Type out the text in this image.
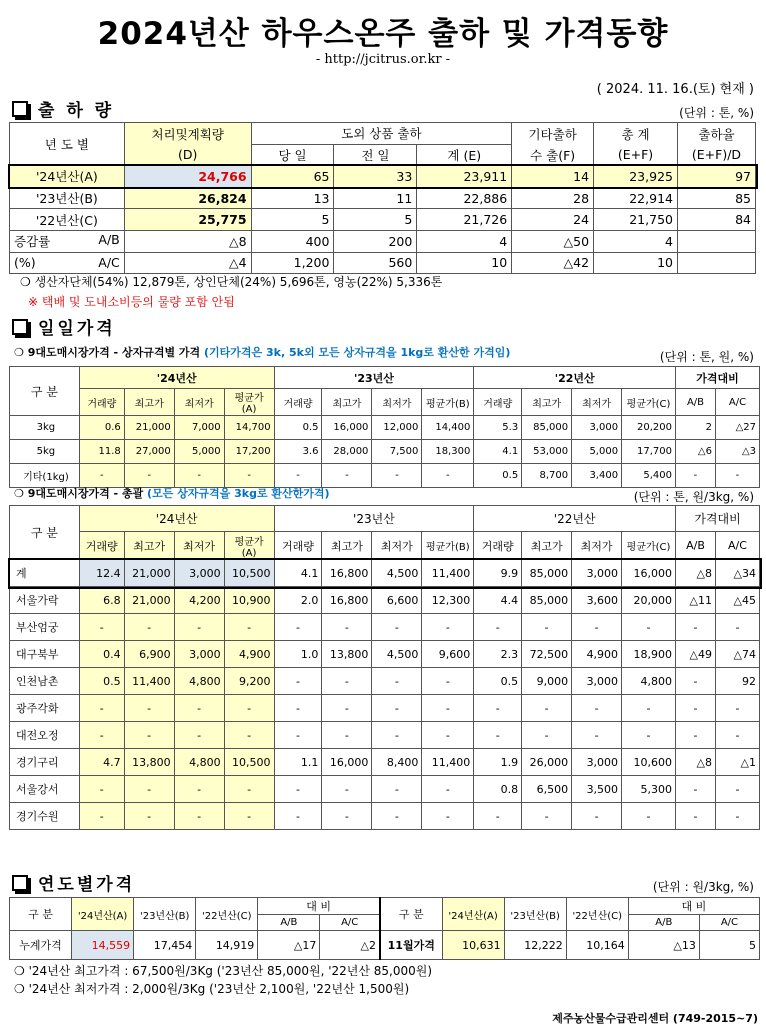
2024년산 하우스온주 출하 및 가격동향
- http://jcitrus.or.kr -
( 2024. 11. 16.(토) 현재 )
출 하 량	(단위 : 톤, %)
년 도 별	처리및계획량	도외 상품 출하			기타출하	총 계	출하율
	(D)	당 일	전 일	계 (E)	수 출(F)	(E+F)	(E+F)/D
'24년산(A)	24,766	65	33	23,911	14	23,925	97
'23년산(B)	26,824	13	11	22,886	28	22,914	85
'22년산(C)	25,775	5	5	21,726	24	21,750	84
증감률 A/B	△8	400	200	4	△50	4	
(%) A/C	△4	1,200	560	10	△42	10	
❍ 생산자단체(54%) 12,879톤, 상인단체(24%) 5,696톤, 영농(22%) 5,336톤
※ 택배 및 도내소비등의 물량 포함 안됨
일일가격
❍ 9대도매시장가격 - 상자규격별 가격 (기타가격은 3k, 5k외 모든 상자규격을 1kg로 환산한 가격임)	(단위 : 톤, 원, %)
구 분	'24년산				'23년산				'22년산				가격대비	
	거래량	최고가	최저가	평균가(A)	거래량	최고가	최저가	평균가(B)	거래량	최고가	최저가	평균가(C)	A/B	A/C
3kg	0.6	21,000	7,000	14,700	0.5	16,000	12,000	14,400	5.3	85,000	3,000	20,200	2	△27
5kg	11.8	27,000	5,000	17,200	3.6	28,000	7,500	18,300	4.1	53,000	5,000	17,700	△6	△3
기타(1kg)	-	-	-	-	-	-	-	-	0.5	8,700	3,400	5,400	-	-
❍ 9대도매시장가격 - 총괄 (모든 상자규격을 3kg로 환산한가격)	(단위 : 톤, 원/3kg, %)
구 분	'24년산				'23년산				'22년산				가격대비	
	거래량	최고가	최저가	평균가(A)	거래량	최고가	최저가	평균가(B)	거래량	최고가	최저가	평균가(C)	A/B	A/C
계	12.4	21,000	3,000	10,500	4.1	16,800	4,500	11,400	9.9	85,000	3,000	16,000	△8	△34
서울가락	6.8	21,000	4,200	10,900	2.0	16,800	6,600	12,300	4.4	85,000	3,600	20,000	△11	△45
부산엄궁	-	-	-	-	-	-	-	-	-	-	-	-	-	-
대구북부	0.4	6,900	3,000	4,900	1.0	13,800	4,500	9,600	2.3	72,500	4,900	18,900	△49	△74
인천남촌	0.5	11,400	4,800	9,200	-	-	-	-	0.5	9,000	3,000	4,800	-	92
광주각화	-	-	-	-	-	-	-	-	-	-	-	-	-	-
대전오정	-	-	-	-	-	-	-	-	-	-	-	-	-	-
경기구리	4.7	13,800	4,800	10,500	1.1	16,000	8,400	11,400	1.9	26,000	3,000	10,600	△8	△1
서울강서	-	-	-	-	-	-	-	-	0.8	6,500	3,500	5,300	-	-
경기수원	-	-	-	-	-	-	-	-	-	-	-	-	-	-
연도별가격	(단위 : 원/3kg, %)
구 분	'24년산(A)	'23년산(B)	'22년산(C)	대 비		구 분	'24년산(A)	'23년산(B)	'22년산(C)	대 비	
				A/B	A/C					A/B	A/C
누계가격	14,559	17,454	14,919	△17	△2	11월가격	10,631	12,222	10,164	△13	5
❍ '24년산 최고가격 : 67,500원/3Kg ('23년산 85,000원, '22년산 85,000원)
❍ '24년산 최저가격 : 2,000원/3Kg ('23년산 2,100원, '22년산 1,500원)
제주농산물수급관리센터 (749-2015~7)
